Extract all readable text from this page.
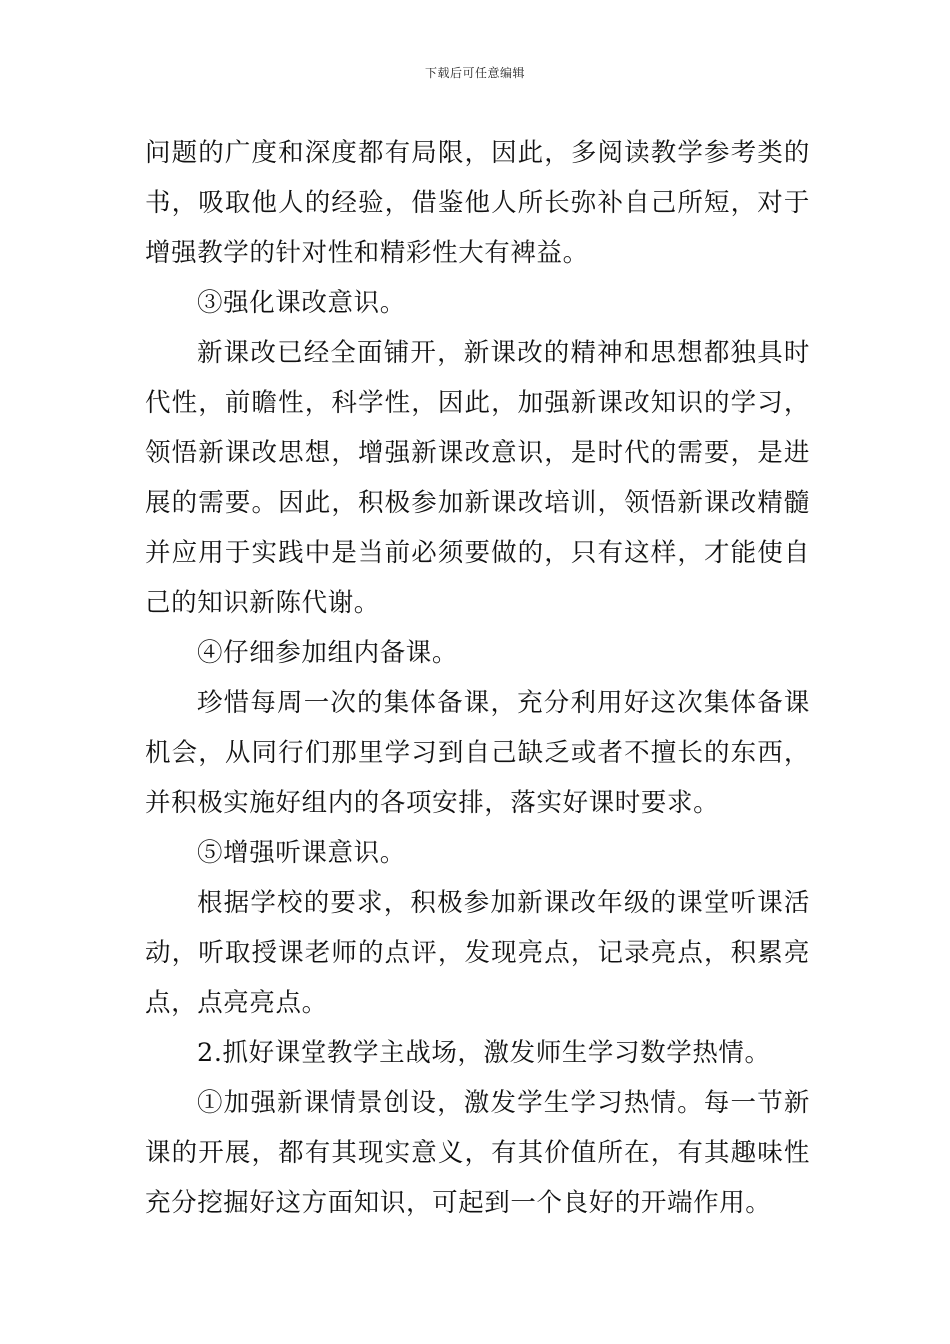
下载后可任意编辑

问题的广度和深度都有局限，因此，多阅读教学参考类的书，吸取他人的经验，借鉴他人所长弥补自己所短，对于增强教学的针对性和精彩性大有裨益。

③强化课改意识。

新课改已经全面铺开，新课改的精神和思想都独具时代性，前瞻性，科学性，因此，加强新课改知识的学习，领悟新课改思想，增强新课改意识，是时代的需要，是进展的需要。因此，积极参加新课改培训，领悟新课改精髓并应用于实践中是当前必须要做的，只有这样，才能使自己的知识新陈代谢。

④仔细参加组内备课。

珍惜每周一次的集体备课，充分利用好这次集体备课机会，从同行们那里学习到自己缺乏或者不擅长的东西，并积极实施好组内的各项安排，落实好课时要求。

⑤增强听课意识。

根据学校的要求，积极参加新课改年级的课堂听课活动，听取授课老师的点评，发现亮点，记录亮点，积累亮点，点亮亮点。

2.抓好课堂教学主战场，激发师生学习数学热情。

①加强新课情景创设，激发学生学习热情。每一节新课的开展，都有其现实意义，有其价值所在，有其趣味性充分挖掘好这方面知识，可起到一个良好的开端作用。
